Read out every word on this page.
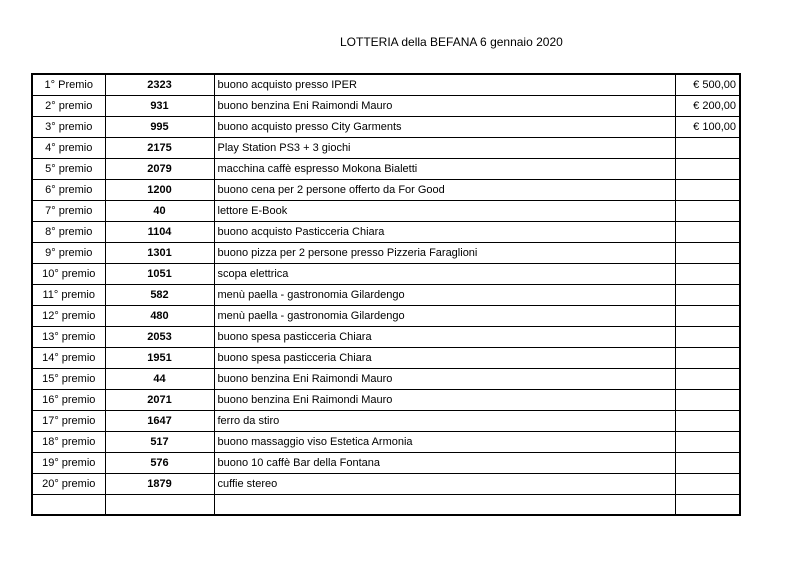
LOTTERIA della BEFANA 6 gennaio 2020
1° Premio	2323	buono acquisto presso IPER	€ 500,00
2° premio	931	buono benzina Eni Raimondi Mauro	€ 200,00
3° premio	995	buono acquisto presso City Garments	€ 100,00
4° premio	2175	Play Station PS3 + 3 giochi	
5° premio	2079	macchina caffè espresso Mokona Bialetti	
6° premio	1200	buono cena per 2 persone offerto da For Good	
7° premio	40	lettore E-Book	
8° premio	1104	buono acquisto Pasticceria Chiara	
9° premio	1301	buono pizza per 2 persone presso Pizzeria Faraglioni	
10° premio	1051	scopa elettrica	
11° premio	582	menù paella - gastronomia Gilardengo	
12° premio	480	menù paella - gastronomia Gilardengo	
13° premio	2053	buono spesa pasticceria Chiara	
14° premio	1951	buono spesa pasticceria Chiara	
15° premio	44	buono benzina Eni Raimondi Mauro	
16° premio	2071	buono benzina Eni Raimondi Mauro	
17° premio	1647	ferro da stiro	
18° premio	517	buono massaggio viso Estetica Armonia	
19° premio	576	buono 10 caffè Bar della Fontana	
20° premio	1879	cuffie stereo	
